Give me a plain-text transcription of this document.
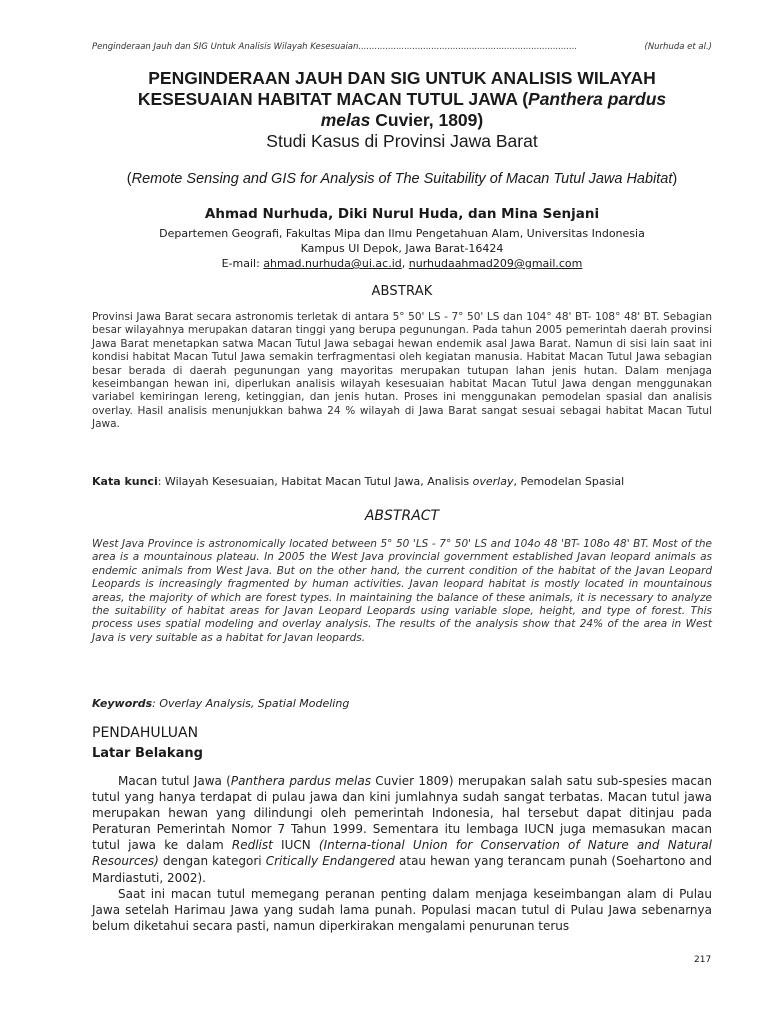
Penginderaan Jauh dan SIG Untuk Analisis Wilayah Kesesuaian.................................................................................	(Nurhuda et al.)

PENGINDERAAN JAUH DAN SIG UNTUK ANALISIS WILAYAH
KESESUAIAN HABITAT MACAN TUTUL JAWA (Panthera pardus
melas Cuvier, 1809)

Studi Kasus di Provinsi Jawa Barat

(Remote Sensing and GIS for Analysis of The Suitability of Macan Tutul Jawa Habitat)
Ahmad Nurhuda, Diki Nurul Huda, dan Mina Senjani
Departemen Geografi, Fakultas Mipa dan Ilmu Pengetahuan Alam, Universitas Indonesia
Kampus UI Depok, Jawa Barat-16424
E-mail: ahmad.nurhuda@ui.ac.id, nurhudaahmad209@gmail.com
ABSTRAK
Provinsi Jawa Barat secara astronomis terletak di antara 5° 50' LS - 7° 50' LS dan 104° 48' BT- 108° 48' BT. Sebagian besar wilayahnya merupakan dataran tinggi yang berupa pegunungan. Pada tahun 2005 pemerintah daerah provinsi Jawa Barat menetapkan satwa Macan Tutul Jawa sebagai hewan endemik asal Jawa Barat. Namun di sisi lain saat ini kondisi habitat Macan Tutul Jawa semakin terfragmentasi oleh kegiatan manusia. Habitat Macan Tutul Jawa sebagian besar berada di daerah pegunungan yang mayoritas merupakan tutupan lahan jenis hutan. Dalam menjaga keseimbangan hewan ini, diperlukan analisis wilayah kesesuaian habitat Macan Tutul Jawa dengan menggunakan variabel kemiringan lereng, ketinggian, dan jenis hutan. Proses ini menggunakan pemodelan spasial dan analisis overlay. Hasil analisis menunjukkan bahwa 24 % wilayah di Jawa Barat sangat sesuai sebagai habitat Macan Tutul Jawa.
Kata kunci: Wilayah Kesesuaian, Habitat Macan Tutul Jawa, Analisis overlay, Pemodelan Spasial
ABSTRACT
West Java Province is astronomically located between 5° 50 'LS - 7° 50' LS and 104o 48 'BT- 108o 48' BT. Most of the area is a mountainous plateau. In 2005 the West Java provincial government established Javan leopard animals as endemic animals from West Java. But on the other hand, the current condition of the habitat of the Javan Leopard Leopards is increasingly fragmented by human activities. Javan leopard habitat is mostly located in mountainous areas, the majority of which are forest types. In maintaining the balance of these animals, it is necessary to analyze the suitability of habitat areas for Javan Leopard Leopards using variable slope, height, and type of forest. This process uses spatial modeling and overlay analysis. The results of the analysis show that 24% of the area in West Java is very suitable as a habitat for Javan leopards.
Keywords: Overlay Analysis, Spatial Modeling
PENDAHULUAN
Latar Belakang

Macan tutul Jawa (Panthera pardus melas Cuvier 1809) merupakan salah satu sub-spesies macan tutul yang hanya terdapat di pulau jawa dan kini jumlahnya sudah sangat terbatas. Macan tutul jawa merupakan hewan yang dilindungi oleh pemerintah Indonesia, hal tersebut dapat ditinjau pada Peraturan Pemerintah Nomor 7 Tahun 1999. Sementara itu lembaga IUCN juga memasukan macan tutul jawa ke dalam Redlist IUCN (Interna-tional Union for Conservation of Nature and Natural Resources) dengan kategori Critically Endangered atau hewan yang terancam punah (Soehartono and Mardiastuti, 2002).

Saat ini macan tutul memegang peranan penting dalam menjaga keseimbangan alam di Pulau Jawa setelah Harimau Jawa yang sudah lama punah. Populasi macan tutul di Pulau Jawa sebenarnya belum diketahui secara pasti, namun diperkirakan mengalami penurunan terus

217
